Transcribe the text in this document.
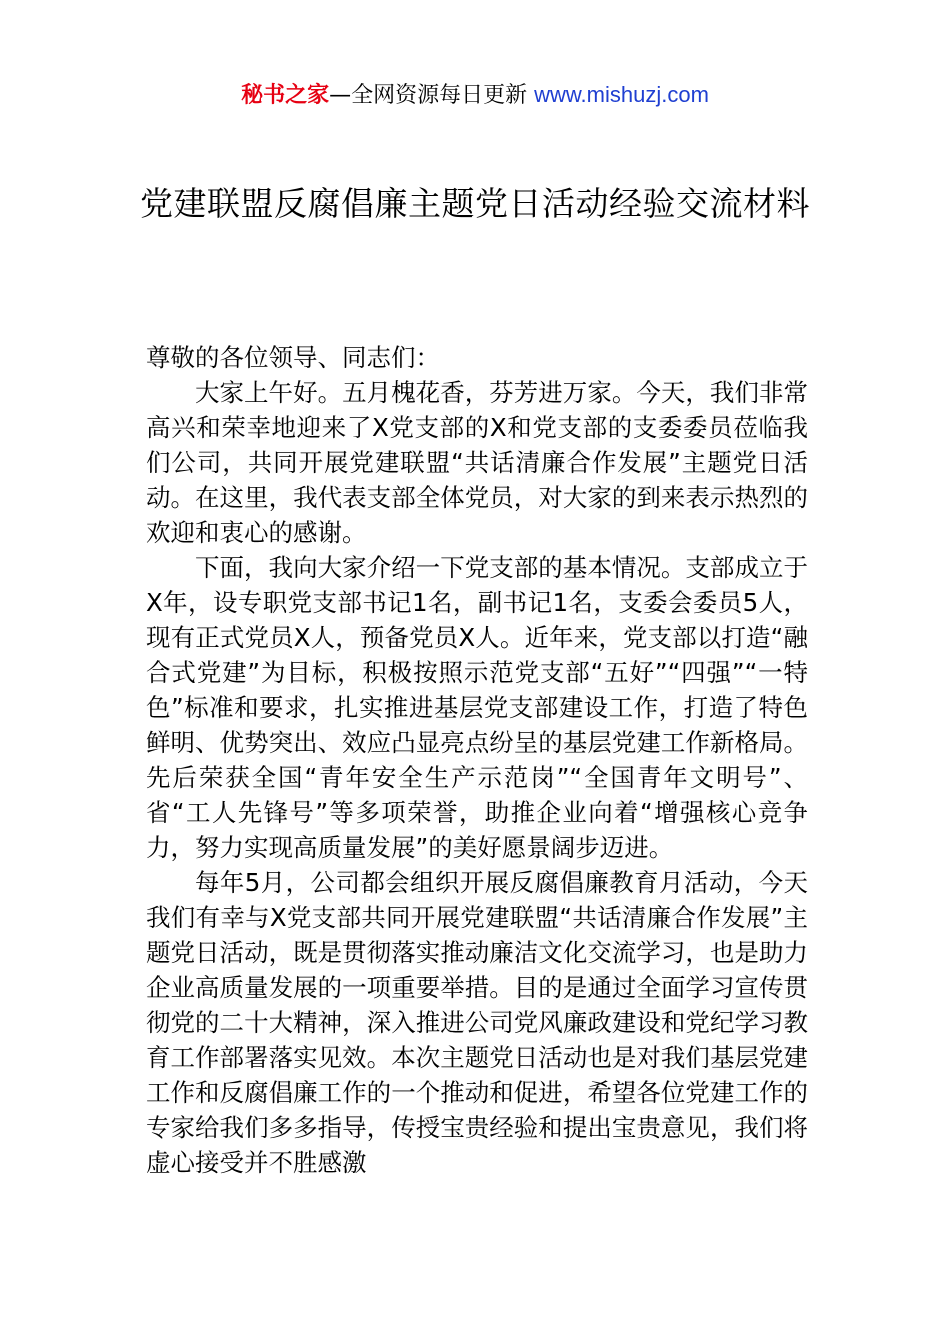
秘书之家—全网资源每日更新 www.mishuzj.com
党建联盟反腐倡廉主题党日活动经验交流材料

尊敬的各位领导、同志们：

大家上午好。五月槐花香，芬芳进万家。今天，我们非常高兴和荣幸地迎来了X党支部的X和党支部的支委委员莅临我们公司，共同开展党建联盟“共话清廉合作发展”主题党日活动。在这里，我代表支部全体党员，对大家的到来表示热烈的欢迎和衷心的感谢。

下面，我向大家介绍一下党支部的基本情况。支部成立于X年，设专职党支部书记1名，副书记1名，支委会委员5人，现有正式党员X人，预备党员X人。近年来，党支部以打造“融合式党建”为目标，积极按照示范党支部“五好”“四强”“一特色”标准和要求，扎实推进基层党支部建设工作，打造了特色鲜明、优势突出、效应凸显亮点纷呈的基层党建工作新格局。先后荣获全国“青年安全生产示范岗”“全国青年文明号”、省“工人先锋号”等多项荣誉，助推企业向着“增强核心竞争力，努力实现高质量发展”的美好愿景阔步迈进。

每年5月，公司都会组织开展反腐倡廉教育月活动，今天我们有幸与X党支部共同开展党建联盟“共话清廉合作发展”主题党日活动，既是贯彻落实推动廉洁文化交流学习，也是助力企业高质量发展的一项重要举措。目的是通过全面学习宣传贯彻党的二十大精神，深入推进公司党风廉政建设和党纪学习教育工作部署落实见效。本次主题党日活动也是对我们基层党建工作和反腐倡廉工作的一个推动和促进，希望各位党建工作的专家给我们多多指导，传授宝贵经验和提出宝贵意见，我们将虚心接受并不胜感激
